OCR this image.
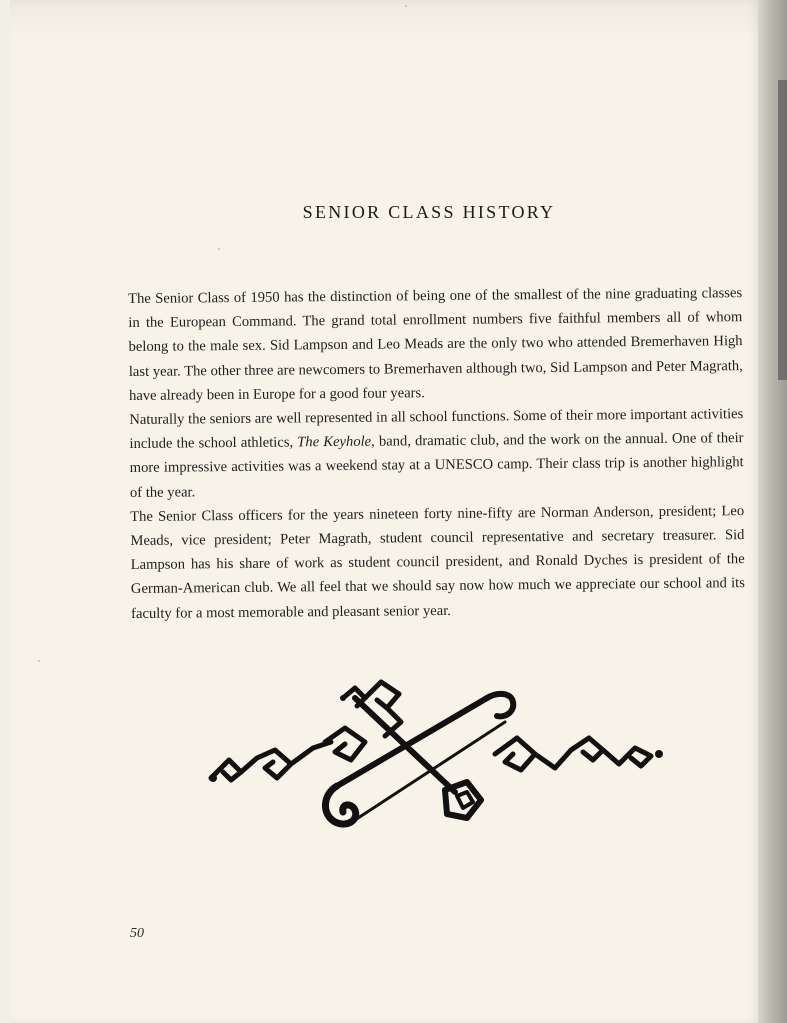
SENIOR CLASS HISTORY

The Senior Class of 1950 has the distinction of being one of the smallest of the nine graduating classes in the European Command. The grand total enrollment numbers five faithful members all of whom belong to the male sex. Sid Lampson and Leo Meads are the only two who attended Bremerhaven High last year. The other three are newcomers to Bremerhaven although two, Sid Lampson and Peter Magrath, have already been in Europe for a good four years.

Naturally the seniors are well represented in all school functions. Some of their more important activities include the school athletics, The Keyhole, band, dramatic club, and the work on the annual. One of their more impressive activities was a weekend stay at a UNESCO camp. Their class trip is another highlight of the year.

The Senior Class officers for the years nineteen forty nine-fifty are Norman Anderson, president; Leo Meads, vice president; Peter Magrath, student council representative and secretary treasurer. Sid Lampson has his share of work as student council president, and Ronald Dyches is president of the German-American club. We all feel that we should say now how much we appreciate our school and its faculty for a most memorable and pleasant senior year.

50
